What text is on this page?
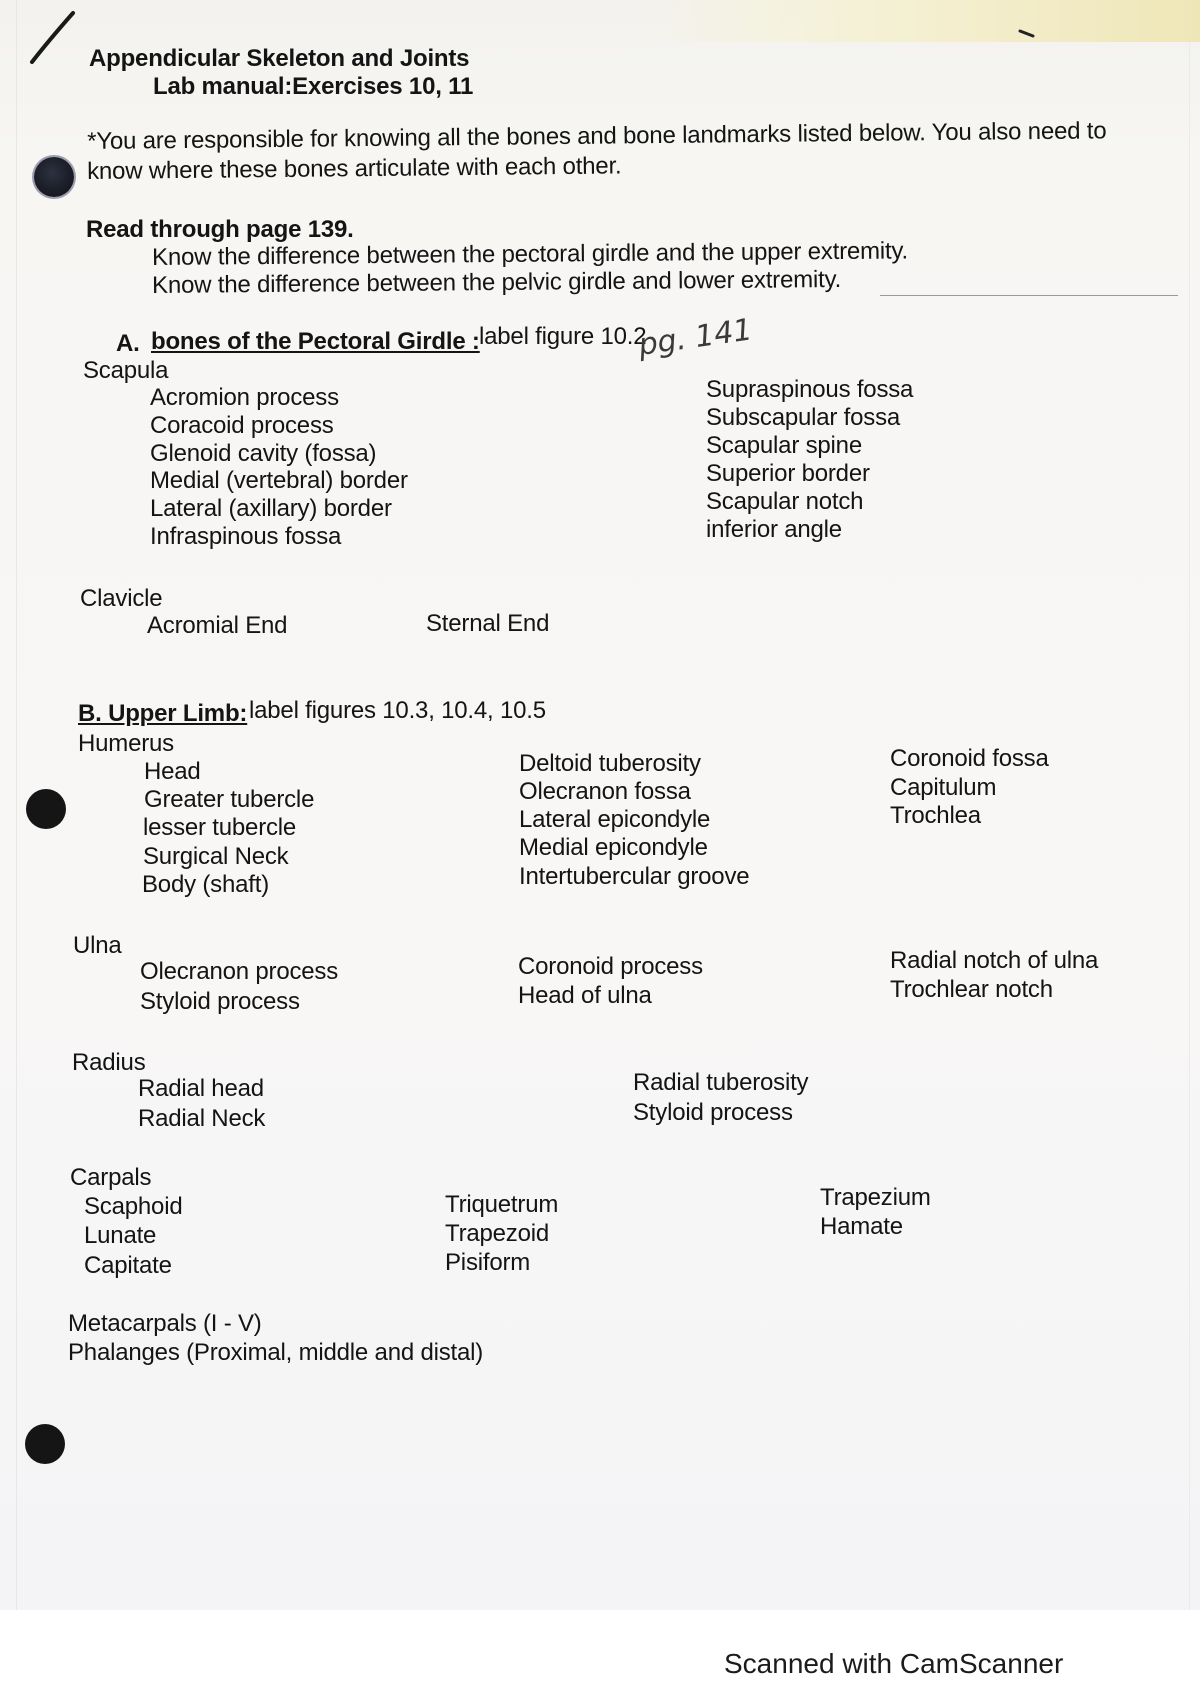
Appendicular Skeleton and Joints
Lab manual:Exercises 10, 11
*You are responsible for knowing all the bones and bone landmarks listed below. You also need to
know where these bones articulate with each other.
Read through page 139.
Know the difference between the pectoral girdle and the upper extremity.
Know the difference between the pelvic girdle and lower extremity.
A. bones of the Pectoral Girdle : label figure 10.2
pg. 141
Scapula
Acromion process
Coracoid process
Glenoid cavity (fossa)
Medial (vertebral) border
Lateral (axillary) border
Infraspinous fossa
Supraspinous fossa
Subscapular fossa
Scapular spine
Superior border
Scapular notch
inferior angle
Clavicle
Acromial End	Sternal End
B. Upper Limb: label figures 10.3, 10.4, 10.5
Humerus
Head
Greater tubercle
lesser tubercle
Surgical Neck
Body (shaft)
Deltoid tuberosity
Olecranon fossa
Lateral epicondyle
Medial epicondyle
Intertubercular groove
Coronoid fossa
Capitulum
Trochlea
Ulna
Olecranon process
Styloid process
Coronoid process
Head of ulna
Radial notch of ulna
Trochlear notch
Radius
Radial head
Radial Neck
Radial tuberosity
Styloid process
Carpals
Scaphoid
Lunate
Capitate
Triquetrum
Trapezoid
Pisiform
Trapezium
Hamate
Metacarpals (I - V)
Phalanges (Proximal, middle and distal)
Scanned with CamScanner
